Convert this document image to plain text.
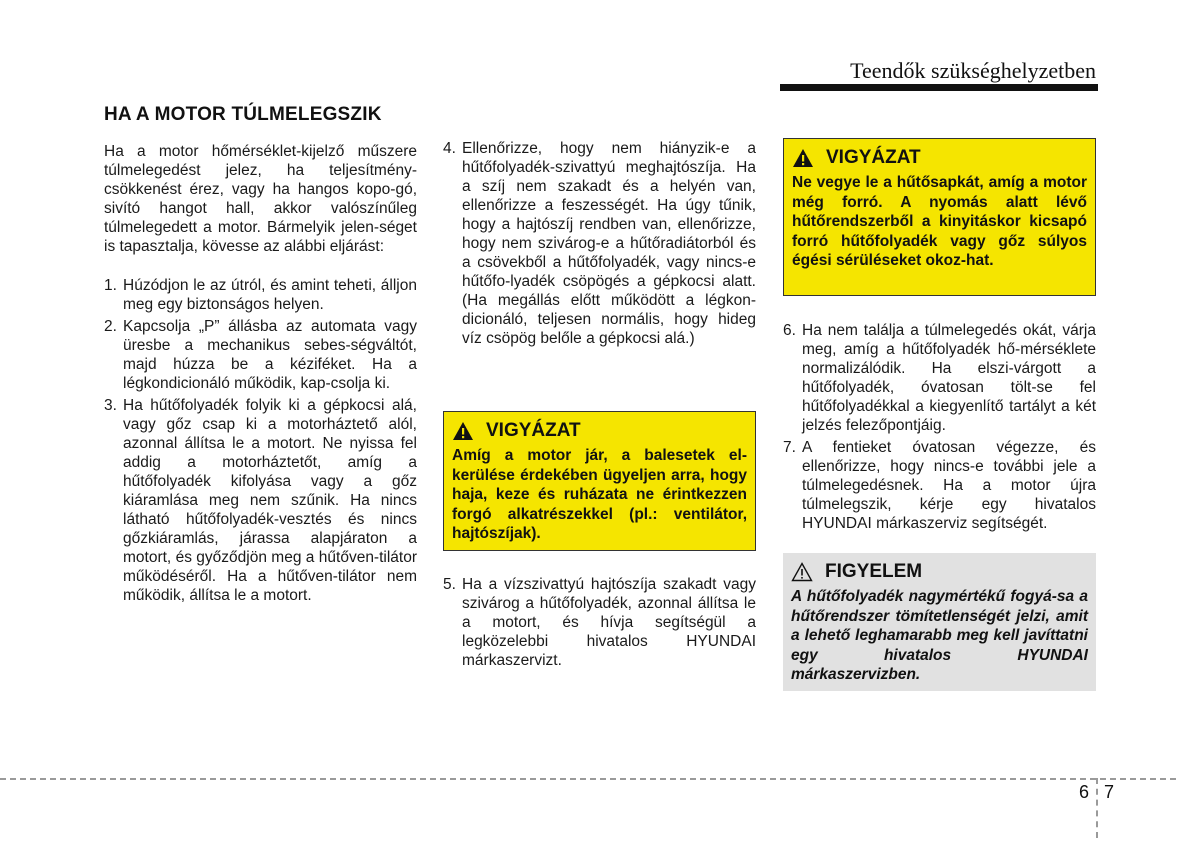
Teendők szükséghelyzetben
HA A MOTOR TÚLMELEGSZIK

Ha a motor hőmérséklet-kijelző műszere túlmelegedést jelez, ha teljesítmény-csökkenést érez, vagy ha hangos kopo-gó, sivító hangot hall, akkor valószínűleg túlmelegedett a motor. Bármelyik jelen-séget is tapasztalja, kövesse az alábbi eljárást:

1. Húzódjon le az útról, és amint teheti, álljon meg egy biztonságos helyen.
2. Kapcsolja „P” állásba az automata vagy üresbe a mechanikus sebes-ségváltót, majd húzza be a kéziféket. Ha a légkondicionáló működik, kap-csolja ki.
3. Ha hűtőfolyadék folyik ki a gépkocsi alá, vagy gőz csap ki a motorháztető alól, azonnal állítsa le a motort. Ne nyissa fel addig a motorháztetőt, amíg a hűtőfolyadék kifolyása vagy a gőz kiáramlása meg nem szűnik. Ha nincs látható hűtőfolyadék-vesztés és nincs gőzkiáramlás, járassa alapjáraton a motort, és győződjön meg a hűtőven-tilátor működéséről. Ha a hűtőven-tilátor nem működik, állítsa le a motort.
4. Ellenőrizze, hogy nem hiányzik-e a hűtőfolyadék-szivattyú meghajtószíja. Ha a szíj nem szakadt és a helyén van, ellenőrizze a feszességét. Ha úgy tűnik, hogy a hajtószíj rendben van, ellenőrizze, hogy nem szivárog-e a hűtőradiátorból és a csövekből a hűtőfolyadék, vagy nincs-e hűtőfo-lyadék csöpögés a gépkocsi alatt. (Ha megállás előtt működött a légkon-dicionáló, teljesen normális, hogy hideg víz csöpög belőle a gépkocsi alá.)
VIGYÁZAT
Amíg a motor jár, a balesetek el-kerülése érdekében ügyeljen arra, hogy haja, keze és ruházata ne érintkezzen forgó alkatrészekkel (pl.: ventilátor, hajtószíjak).
5. Ha a vízszivattyú hajtószíja szakadt vagy szivárog a hűtőfolyadék, azonnal állítsa le a motort, és hívja segítségül a legközelebbi hivatalos HYUNDAI márkaszervizt.
VIGYÁZAT
Ne vegye le a hűtősapkát, amíg a motor még forró. A nyomás alatt lévő hűtőrendszerből a kinyitáskor kicsapó forró hűtőfolyadék vagy gőz súlyos égési sérüléseket okoz-hat.
6. Ha nem találja a túlmelegedés okát, várja meg, amíg a hűtőfolyadék hő-mérséklete normalizálódik. Ha elszi-várgott a hűtőfolyadék, óvatosan tölt-se fel hűtőfolyadékkal a kiegyenlítő tartályt a két jelzés felezőpontjáig.
7. A fentieket óvatosan végezze, és ellenőrizze, hogy nincs-e további jele a túlmelegedésnek. Ha a motor újra túlmelegszik, kérje egy hivatalos HYUNDAI márkaszerviz segítségét.
FIGYELEM
A hűtőfolyadék nagymértékű fogyá-sa a hűtőrendszer tömítetlenségét jelzi, amit a lehető leghamarabb meg kell javíttatni egy hivatalos HYUNDAI márkaszervizben.
6 7
